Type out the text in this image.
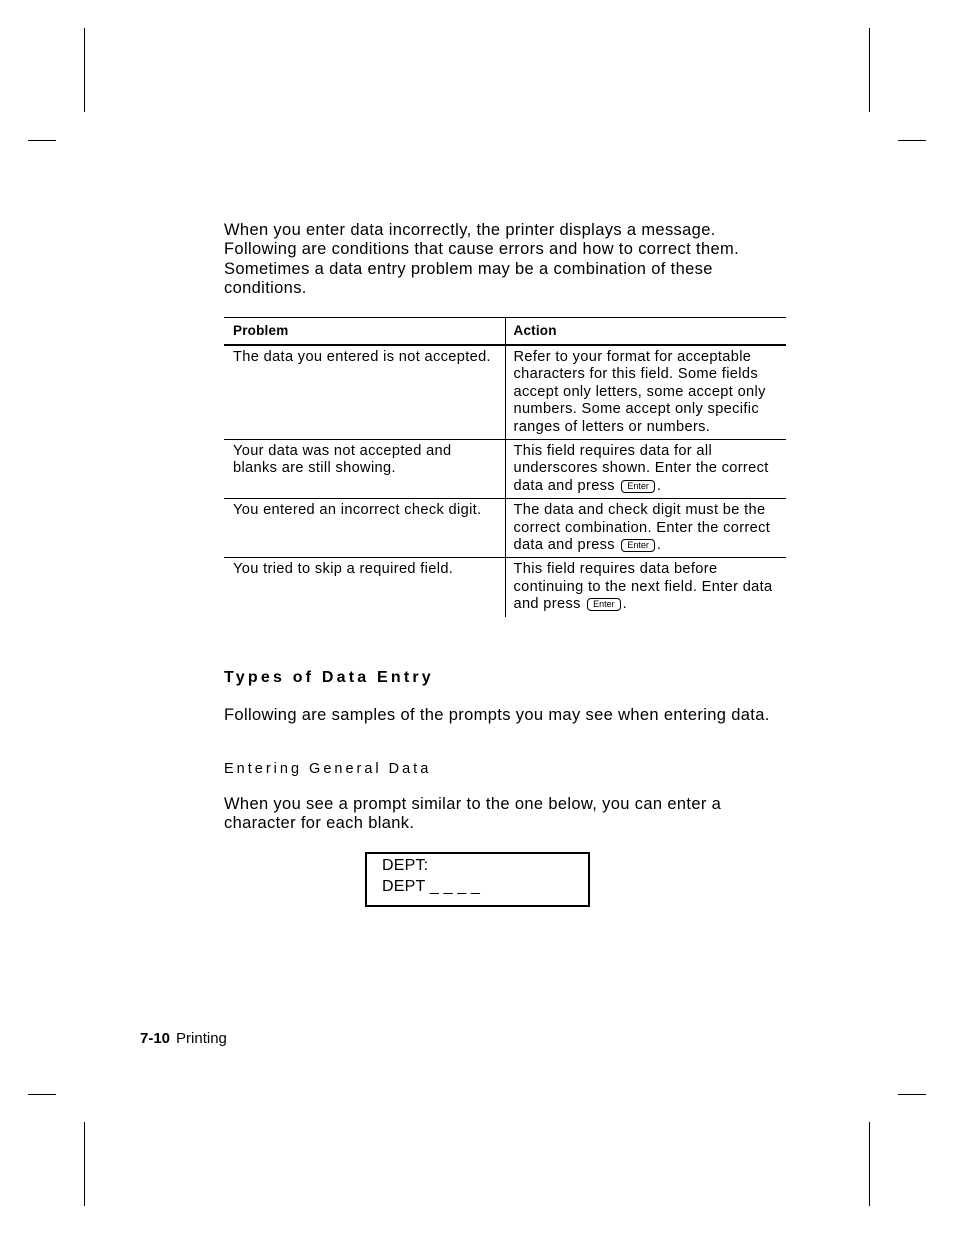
When you enter data incorrectly, the printer displays a message. Following are conditions that cause errors and how to correct them. Sometimes a data entry problem may be a combination of these conditions.

Problem	Action
The data you entered is not accepted.	Refer to your format for acceptable characters for this field. Some fields accept only letters, some accept only numbers. Some accept only specific ranges of letters or numbers.
Your data was not accepted and blanks are still showing.	This field requires data for all underscores shown. Enter the correct data and press Enter .
You entered an incorrect check digit.	The data and check digit must be the correct combination. Enter the correct data and press Enter .
You tried to skip a required field.	This field requires data before continuing to the next field. Enter data and press Enter .
Types of Data Entry

Following are samples of the prompts you may see when entering data.

Entering General Data

When you see a prompt similar to the one below, you can enter a character for each blank.

DEPT:
DEPT _ _ _ _
7-10 Printing
